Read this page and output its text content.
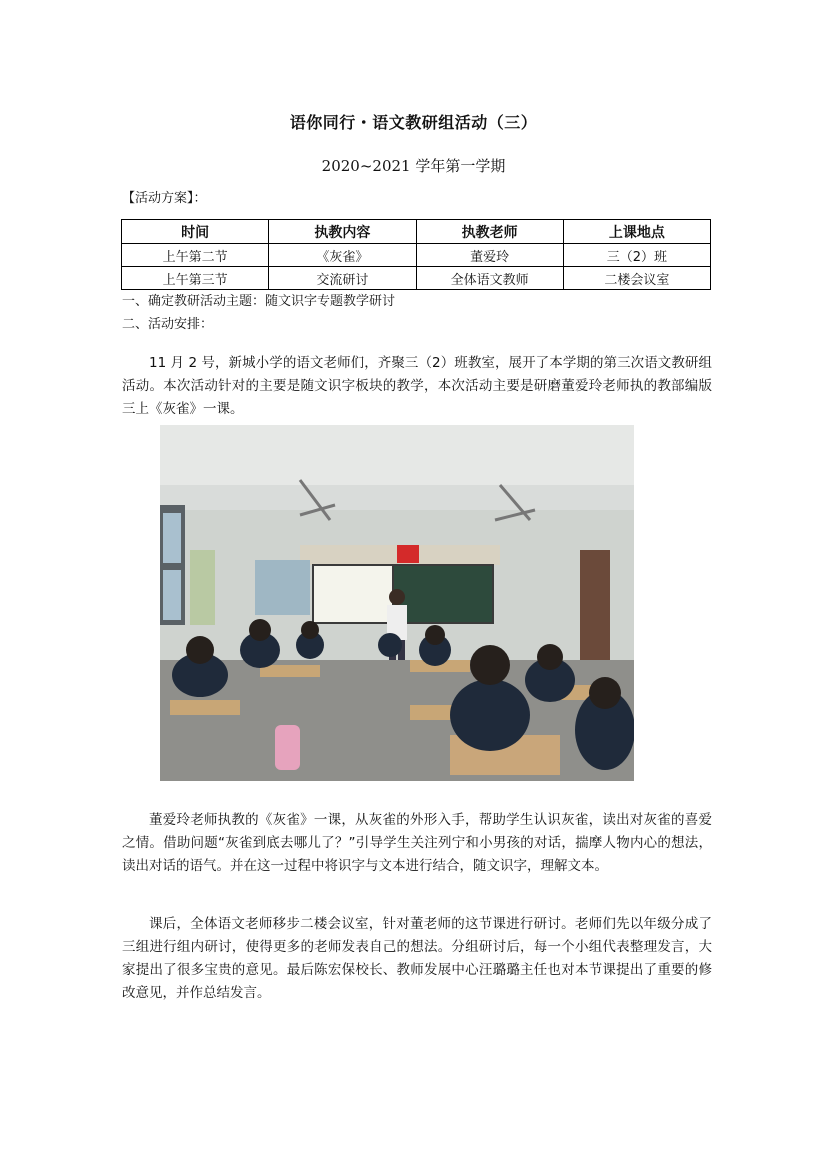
语你同行・语文教研组活动（三）
2020~2021 学年第一学期
【活动方案】：
时间	执教内容	执教老师	上课地点
上午第二节	《灰雀》	董爱玲	三（2）班
上午第三节	交流研讨	全体语文教师	二楼会议室
一、确定教研活动主题：随文识字专题教学研讨
二、活动安排：

11 月 2 号，新城小学的语文老师们，齐聚三（2）班教室，展开了本学期的第三次语文教研组活动。本次活动针对的主要是随文识字板块的教学，本次活动主要是研磨董爱玲老师执的教部编版三上《灰雀》一课。

董爱玲老师执教的《灰雀》一课，从灰雀的外形入手，帮助学生认识灰雀，读出对灰雀的喜爱之情。借助问题“灰雀到底去哪儿了？”引导学生关注列宁和小男孩的对话，揣摩人物内心的想法，读出对话的语气。并在这一过程中将识字与文本进行结合，随文识字，理解文本。

课后，全体语文老师移步二楼会议室，针对董老师的这节课进行研讨。老师们先以年级分成了三组进行组内研讨，使得更多的老师发表自己的想法。分组研讨后，每一个小组代表整理发言，大家提出了很多宝贵的意见。最后陈宏保校长、教师发展中心汪璐璐主任也对本节课提出了重要的修改意见，并作总结发言。
